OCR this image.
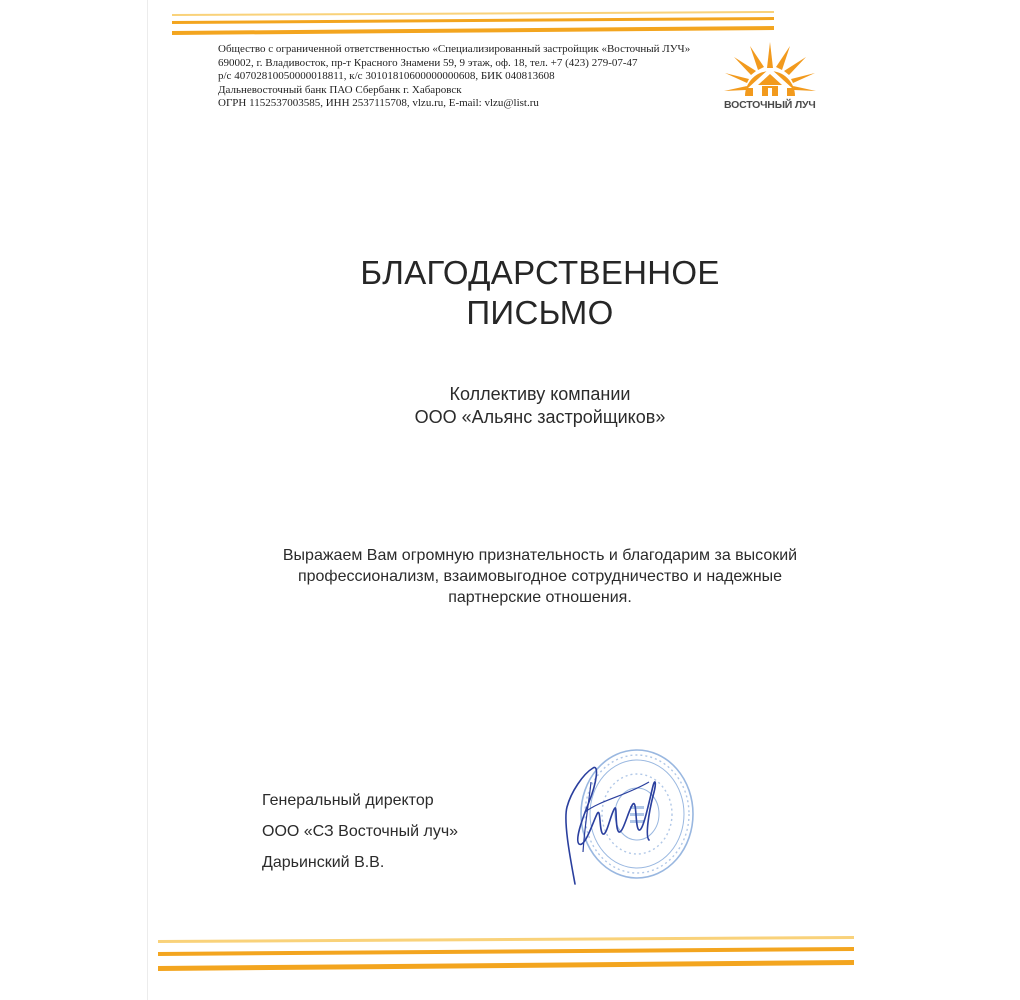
Общество с ограниченной ответственностью «Специализированный застройщик «Восточный ЛУЧ»
690002, г. Владивосток, пр-т Красного Знамени 59, 9 этаж, оф. 18, тел. +7 (423) 279-07-47
р/с 40702810050000018811, к/с 30101810600000000608, БИК 040813608
Дальневосточный банк ПАО Сбербанк г. Хабаровск
ОГРН 1152537003585, ИНН 2537115708, vlzu.ru, E-mail: vlzu@list.ru	ВОСТОЧНЫЙ ЛУЧ
БЛАГОДАРСТВЕННОЕ
ПИСЬМО
Коллективу компании
ООО «Альянс застройщиков»
Выражаем Вам огромную признательность и благодарим за высокий
профессионализм, взаимовыгодное сотрудничество и надежные
партнерские отношения.
Генеральный директор
ООО «СЗ Восточный луч»
Дарьинский В.В.
